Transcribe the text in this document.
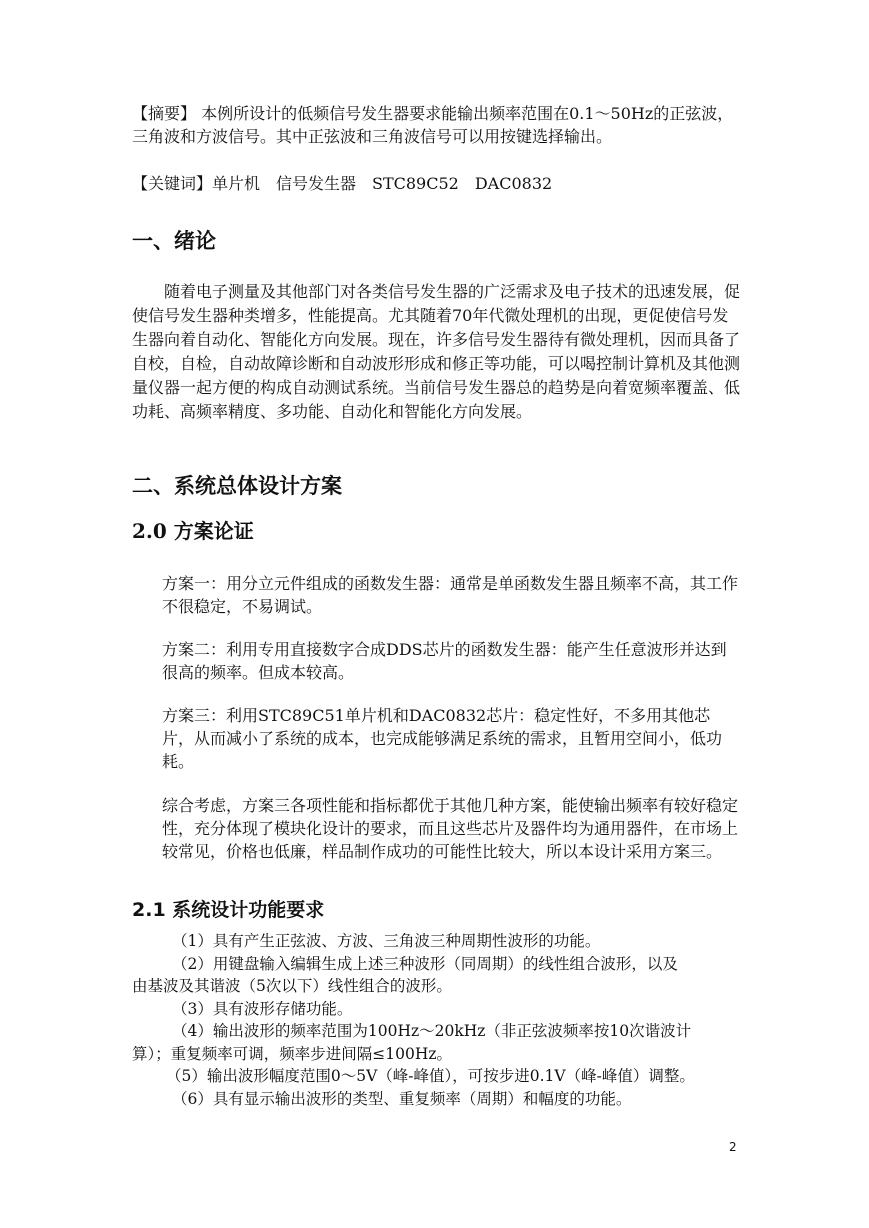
【摘要】 本例所设计的低频信号发生器要求能输出频率范围在0.1～50Hz的正弦波，三角波和方波信号。其中正弦波和三角波信号可以用按键选择输出。

【关键词】单片机　信号发生器　STC89C52　DAC0832

一、绪论

随着电子测量及其他部门对各类信号发生器的广泛需求及电子技术的迅速发展，促使信号发生器种类增多，性能提高。尤其随着70年代微处理机的出现，更促使信号发生器向着自动化、智能化方向发展。现在，许多信号发生器待有微处理机，因而具备了自校，自检，自动故障诊断和自动波形形成和修正等功能，可以喝控制计算机及其他测量仪器一起方便的构成自动测试系统。当前信号发生器总的趋势是向着宽频率覆盖、低功耗、高频率精度、多功能、自动化和智能化方向发展。

二、系统总体设计方案
2.0 方案论证

方案一：用分立元件组成的函数发生器：通常是单函数发生器且频率不高，其工作不很稳定，不易调试。

方案二：利用专用直接数字合成DDS芯片的函数发生器：能产生任意波形并达到很高的频率。但成本较高。

方案三：利用STC89C51单片机和DAC0832芯片：稳定性好，不多用其他芯片，从而减小了系统的成本，也完成能够满足系统的需求，且暂用空间小，低功耗。

综合考虑，方案三各项性能和指标都优于其他几种方案，能使输出频率有较好稳定性，充分体现了模块化设计的要求，而且这些芯片及器件均为通用器件，在市场上较常见，价格也低廉，样品制作成功的可能性比较大，所以本设计采用方案三。

2.1 系统设计功能要求

（1）具有产生正弦波、方波、三角波三种周期性波形的功能。

（2）用键盘输入编辑生成上述三种波形（同周期）的线性组合波形，以及

由基波及其谐波（5次以下）线性组合的波形。

（3）具有波形存储功能。

（4）输出波形的频率范围为100Hz～20kHz（非正弦波频率按10次谐波计

算）；重复频率可调，频率步进间隔≤100Hz。

（5）输出波形幅度范围0～5V（峰-峰值），可按步进0.1V（峰-峰值）调整。

（6）具有显示输出波形的类型、重复频率（周期）和幅度的功能。

2
